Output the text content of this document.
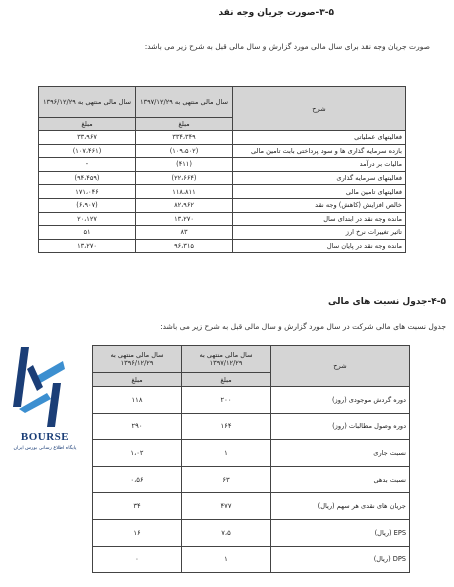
۳-۵-صورت جریان وجه نقد
صورت جریان وجه نقد برای سال مالی مورد گزارش و سال مالی قبل به شرح زیر می باشد:
شرح	سال مالی منتهی به ۱۳۹۷/۱۲/۲۹	سال مالی منتهی به ۱۳۹۶/۱۲/۲۹
	مبلغ	مبلغ
فعالیتهای عملیاتی	۳۳۴،۳۴۹	۳۳،۹۶۷
بازده سرمایه گذاری ها و سود پرداختی بابت تامین مالی	(۱۰۹،۵۰۲)	(۱۰۷،۴۶۱)
مالیات بر درآمد	(۴۱۱)	-
فعالیتهای سرمایه گذاری	(۲۲،۶۶۴)	(۹۴،۴۵۹)
فعالیتهای تامین مالی	۱۱۸،۸۱۱	۱۷۱،۰۴۶
خالص افزایش (کاهش) وجه نقد	۸۲،۹۶۲	(۶،۹۰۷)
مانده وجه نقد در ابتدای سال	۱۳،۲۷۰	۲۰،۱۲۷
تاثیر تغییرات نرخ ارز	۸۳	۵۱
مانده وجه نقد در پایان سال	۹۶،۳۱۵	۱۳،۲۷۰
۴-۵-جدول نسبت های مالی
جدول نسبت های مالی شرکت در سال مورد گزارش و سال مالی قبل به شرح زیر می باشد:
شرح	سال مالی منتهی به ۱۳۹۷/۱۲/۲۹	سال مالی منتهی به ۱۳۹۶/۱۲/۲۹
	مبلغ	مبلغ
دوره گردش موجودی (روز)	۲۰۰	۱۱۸
دوره وصول مطالبات (روز)	۱۶۴	۲۹۰
نسبت جاری	۱	۱،۰۲
نسبت بدهی	۶۳	۰،۵۶
جریان های نقدی هر سهم (ریال)	۴۷۷	۳۴
EPS (ریال)	۷،۵	۱۶
DPS (ریال)	۱	۰
BOURSE
پایگاه اطلاع رسانی بورس ایران
